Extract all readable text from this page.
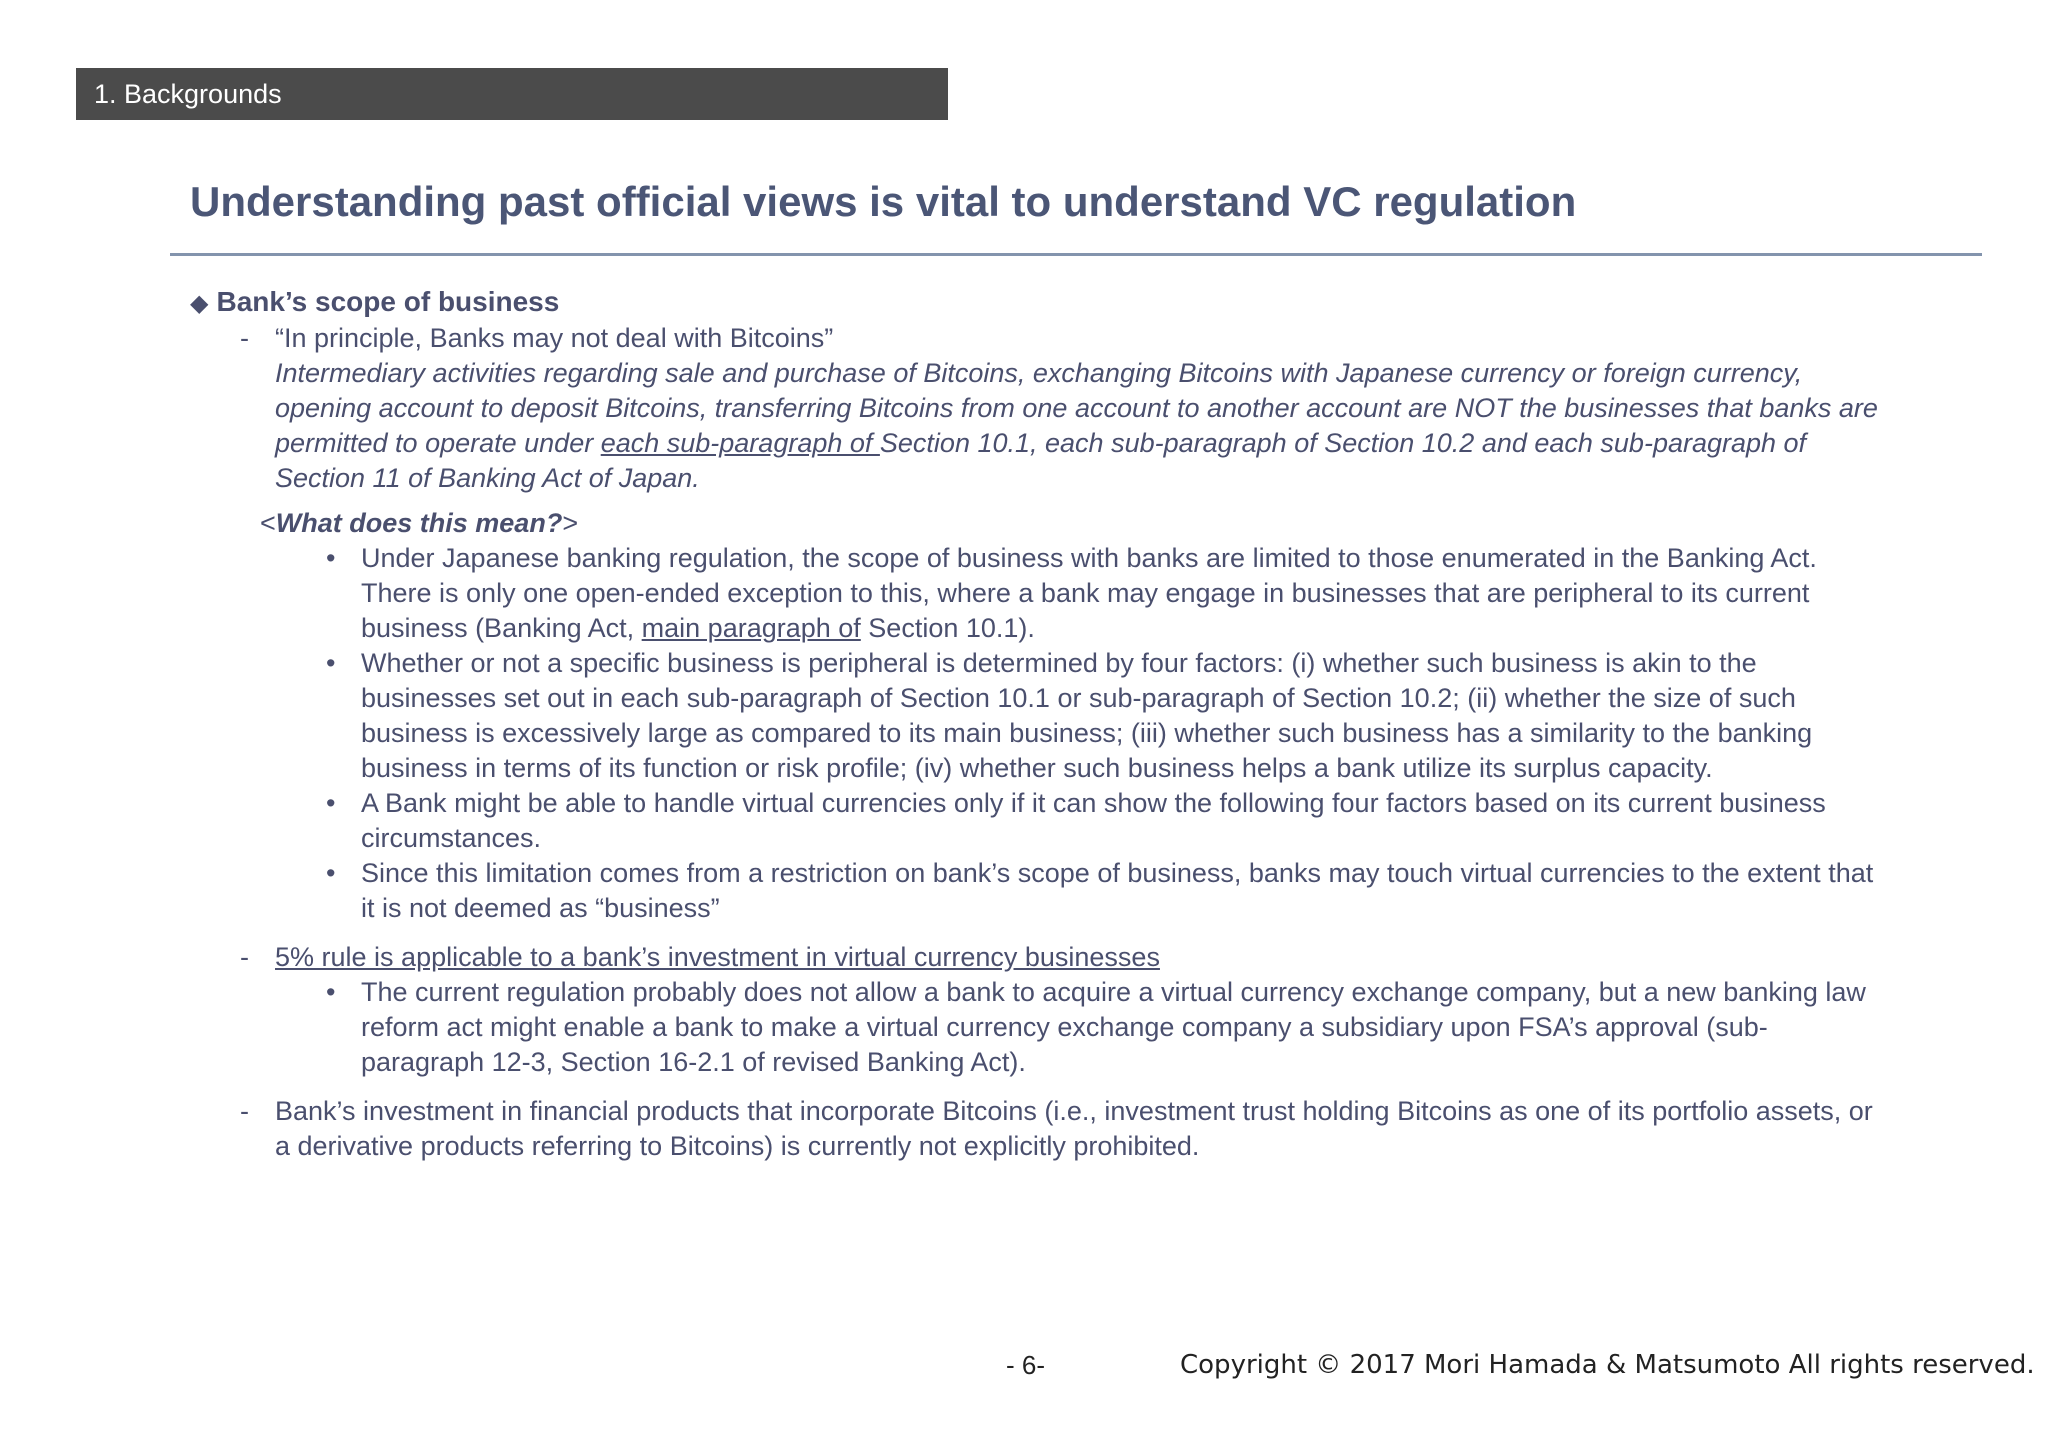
1. Backgrounds
Understanding past official views is vital to understand VC regulation
◆ Bank’s scope of business
- “In principle, Banks may not deal with Bitcoins”
Intermediary activities regarding sale and purchase of Bitcoins, exchanging Bitcoins with Japanese currency or foreign currency, opening account to deposit Bitcoins, transferring Bitcoins from one account to another account are NOT the businesses that banks are permitted to operate under each sub-paragraph of Section 10.1, each sub-paragraph of Section 10.2 and each sub-paragraph of Section 11 of Banking Act of Japan.
<What does this mean?>
• Under Japanese banking regulation, the scope of business with banks are limited to those enumerated in the Banking Act. There is only one open-ended exception to this, where a bank may engage in businesses that are peripheral to its current business (Banking Act, main paragraph of Section 10.1).
• Whether or not a specific business is peripheral is determined by four factors: (i) whether such business is akin to the businesses set out in each sub-paragraph of Section 10.1 or sub-paragraph of Section 10.2; (ii) whether the size of such business is excessively large as compared to its main business; (iii) whether such business has a similarity to the banking business in terms of its function or risk profile; (iv) whether such business helps a bank utilize its surplus capacity.
• A Bank might be able to handle virtual currencies only if it can show the following four factors based on its current business circumstances.
• Since this limitation comes from a restriction on bank’s scope of business, banks may touch virtual currencies to the extent that it is not deemed as “business”
- 5% rule is applicable to a bank’s investment in virtual currency businesses
• The current regulation probably does not allow a bank to acquire a virtual currency exchange company, but a new banking law reform act might enable a bank to make a virtual currency exchange company a subsidiary upon FSA’s approval (sub-paragraph 12-3, Section 16-2.1 of revised Banking Act).
- Bank’s investment in financial products that incorporate Bitcoins (i.e., investment trust holding Bitcoins as one of its portfolio assets, or a derivative products referring to Bitcoins) is currently not explicitly prohibited.
- 6-	Copyright © 2017 Mori Hamada & Matsumoto All rights reserved.
